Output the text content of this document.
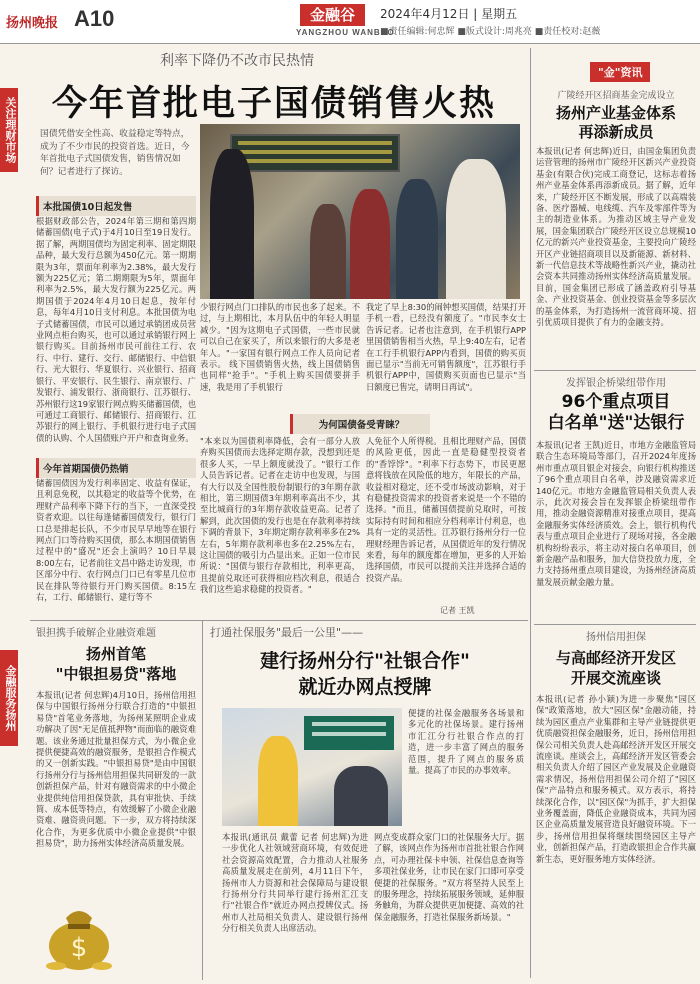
扬州晚报 A10	金融谷
YANGZHOU WANBAO
2024年4月12日 | 星期五
■责任编辑:何忠辉 ■版式设计:周兆亮 ■责任校对:赵薇
关注理财市场
金融服务扬州
利率下降仍不改市民热情
今年首批电子国债销售火热
国债凭借安全性高、收益稳定等特点，成为了不少市民的投资首选。近日，今年首批电子式国债发售，销售情况如何？记者进行了探访。
本批国债10日起发售
根据财政部公告，2024年第三期和第四期储蓄国债(电子式)于4月10日至19日发行。据了解，两期国债均为固定利率、固定期限品种，最大发行总额为450亿元。第一期期限为3年，票面年利率为2.38%，最大发行额为225亿元；第二期期限为5年，票面年利率为2.5%，最大发行额为225亿元。两期国债于2024年4月10日起息，按年付息，每年4月10日支付利息。本批国债为电子式储蓄国债，市民可以通过承销团成员营业网点柜台购买，也可以通过承销银行网上银行购买。目前扬州市民可前往工行、农行、中行、建行、交行、邮储银行、中信银行、光大银行、华夏银行、兴业银行、招商银行、平安银行、民生银行、南京银行、广发银行、浦发银行、浙商银行、江苏银行、苏州银行这19家银行网点购买储蓄国债，也可通过工商银行、邮储银行、招商银行、江苏银行的网上银行、手机银行进行电子式国债的认购、个人国债账户开户和查询业务。
今年首期国债仍热销
储蓄国债因为发行利率固定、收益有保证，且利息免税，以其稳定的收益等个优势，在理财产品利率下降下行的当下，一直深受投资者欢迎。以往每逢储蓄国债发行，银行门口总是排起长队，不少市民早早地等在银行网点门口等待购买国债，那么本期国债销售过程中的"盛况"还会上演吗？10日早晨8:00左右，记者前往文昌中路走访发现，市区部分中行、农行网点门口已有零星几位市民在排队等待银行开门购买国债。8:15左右，工行、邮储银行、建行等不
少银行网点门口排队的市民也多了起来。不过，与上期相比，本月队伍中的年轻人明显减少。"因为这期电子式国债，一些市民就可以自己在家买了，所以来银行的大多是老年人。"一家国有银行网点工作人员向记者表示。 线下国债销售火热，线上国债销售也同样"抢手"。"手机上购买国债要拼手速，我是用了手机银行
我定了早上8:30的闹钟想买国债，结果打开手机一看，已经没有额度了。"市民李女士告诉记者。记者也注意到，在手机银行APP里国债销售相当火热，早上9:40左右，记者在工行手机银行APP内看到，国债的购买页面已显示"当前无可销售额度"，江苏银行手机银行APP中，国债购买页面也已显示"当日额度已售完，请明日再试"。
为何国债备受青睐？
"本来以为国债利率降低，会有一部分人放弃购买国债而去选择定期存款，没想到还是很多人买，一早上额度就没了。"银行工作人员告诉记者。记者在走访中也发现，与国有大行以及全国性股份制银行的3年期存款相比，第三期国债3年期利率高出不少，其至比城商行的3年期存款收益更高。记者了解到，此次国债的发行也是在存款利率持续下调的背景下，3年期定期存款利率多在2%左右，5年期存款利率也多在2.25%左右，这让国债的吸引力凸显出来。正如一位市民所说："国债与银行存款相比，利率更高，且提前兑取还可获得相应档次利息，很适合我们这些追求稳健的投资者。"
人免征个人所得税。且相比理财产品，国债的风险更低，因此一直是稳健型投资者的"香饽饽"。"利率下行态势下，市民更愿意将钱放在风险低的地方，年限长的产品，收益相对稳定，还不受市场波动影响，对于有稳健投资需求的投资者来说是一个不错的选择。"而且，储蓄国债提前兑取时，可按实际持有时间和相应分档利率计付利息，也具有一定的灵活性。江苏银行扬州分行一位理财经理告诉记者，从国债近年的发行情况来看，每年的额度都在增加，更多的人开始选择国债，市民可以提前关注并选择合适的投资产品。
记者 王凯
"金"资讯
广陵经开区招商基金完成设立
扬州产业基金体系
再添新成员
本报讯(记者 何忠辉)近日，由国金集团负责运营管理的扬州市广陵经开区新兴产业投资基金(有限合伙)完成工商登记，这标志着扬州产业基金体系再添新成员。据了解，近年来，广陵经开区不断发展，形成了以高端装备、医疗器械、电线缆、汽车及零部件等为主的制造业体系。为推动区域主导产业发展，国金集团联合广陵经开区设立总规模10亿元的新兴产业投资基金，主要投向广陵经开区产业链招商项目以及新能源、新材料、新一代信息技术等战略性新兴产业，撬动社会资本共同推动扬州实体经济高质量发展。目前，国金集团已形成了涵盖政府引导基金、产业投资基金、创业投资基金等多层次的基金体系，为打造扬州一流营商环境、招引优质项目提供了有力的金融支持。
发挥银企桥梁纽带作用
96个重点项目
白名单"送"达银行
本报讯(记者 王凯)近日，市地方金融监管局联合生态环境局等部门，召开2024年度扬州市重点项目银企对接会，向银行机构推送了96个重点项目白名单，涉及融资需求近140亿元。市地方金融监管局相关负责人表示，此次对接会旨在发挥银企桥梁纽带作用，推动金融资源精准对接重点项目，提高金融服务实体经济质效。会上，银行机构代表与重点项目企业进行了现场对接，各金融机构纷纷表示，将主动对接白名单项目，创新金融产品和服务，加大信贷投放力度，全力支持扬州重点项目建设，为扬州经济高质量发展贡献金融力量。
扬州信用担保
与高邮经济开发区
开展交流座谈
本报讯(记者 孙小颖)为进一步聚焦"园区保"政策落地，放大"园区保"金融动能，持续为园区重点产业集群和主导产业链提供更优质融资担保金融服务，近日，扬州信用担保公司相关负责人赴高邮经济开发区开展交流座谈。座谈会上，高邮经济开发区管委会相关负责人介绍了园区产业发展及企业融资需求情况，扬州信用担保公司介绍了"园区保"产品特点和服务模式。双方表示，将持续深化合作，以"园区保"为抓手，扩大担保业务覆盖面，降低企业融资成本，共同为园区企业高质量发展营造良好融资环境。下一步，扬州信用担保将继续围绕园区主导产业，创新担保产品，打造政银担企合作共赢新生态，更好服务地方实体经济。
银担携手破解企业融资难题
扬州首笔
"中银担易贷"落地
本报讯(记者 何忠辉)4月10日，扬州信用担保与中国银行扬州分行联合打造的"中银担易贷"首笔业务落地，为扬州某照明企业成功解决了因"无足值抵押物"而面临的融资难题。该业务通过批量担保方式，为小微企业提供便捷高效的融资服务，是银担合作模式的又一创新实践。"中银担易贷"是由中国银行扬州分行与扬州信用担保共同研发的一款创新担保产品，针对有融资需求的中小微企业提供纯信用担保贷款，具有审批快、手续简、成本低等特点，有效缓解了小微企业融资难、融资贵问题。下一步，双方将持续深化合作，为更多优质中小微企业提供"中银担易贷"，助力扬州实体经济高质量发展。
$
打通社保服务"最后一公里"——
建行扬州分行"社银合作"
就近办网点授牌
便捷的社保金融服务各场景和多元化的社保场景。建行扬州市汇江分行社银合作点的打造，进一步丰富了网点的服务范围，提升了网点的服务质量。提高了市民的办事效率。
本报讯(通讯员 戴蕾 记者 何忠辉)为进一步优化人社领域营商环境，有效促进社会资源高效配置，合力推动人社服务高质量发展走在前列，4月11日下午，扬州市人力资源和社会保障局与建设银行扬州分行共同举行建行扬州汇江支行"社银合作"就近办网点授牌仪式。扬州市人社局相关负责人、建设银行扬州分行相关负责人出席活动。
网点变成群众家门口的社保服务大厅。据了解，该网点作为扬州市首批社银合作网点，可办理社保卡申领、社保信息查询等多项社保业务，让市民在家门口即可享受便捷的社保服务。"双方将坚持人民至上的服务理念，持续拓展服务领域，延伸服务触角，为群众提供更加便捷、高效的社保金融服务，打造社保服务新场景。"
